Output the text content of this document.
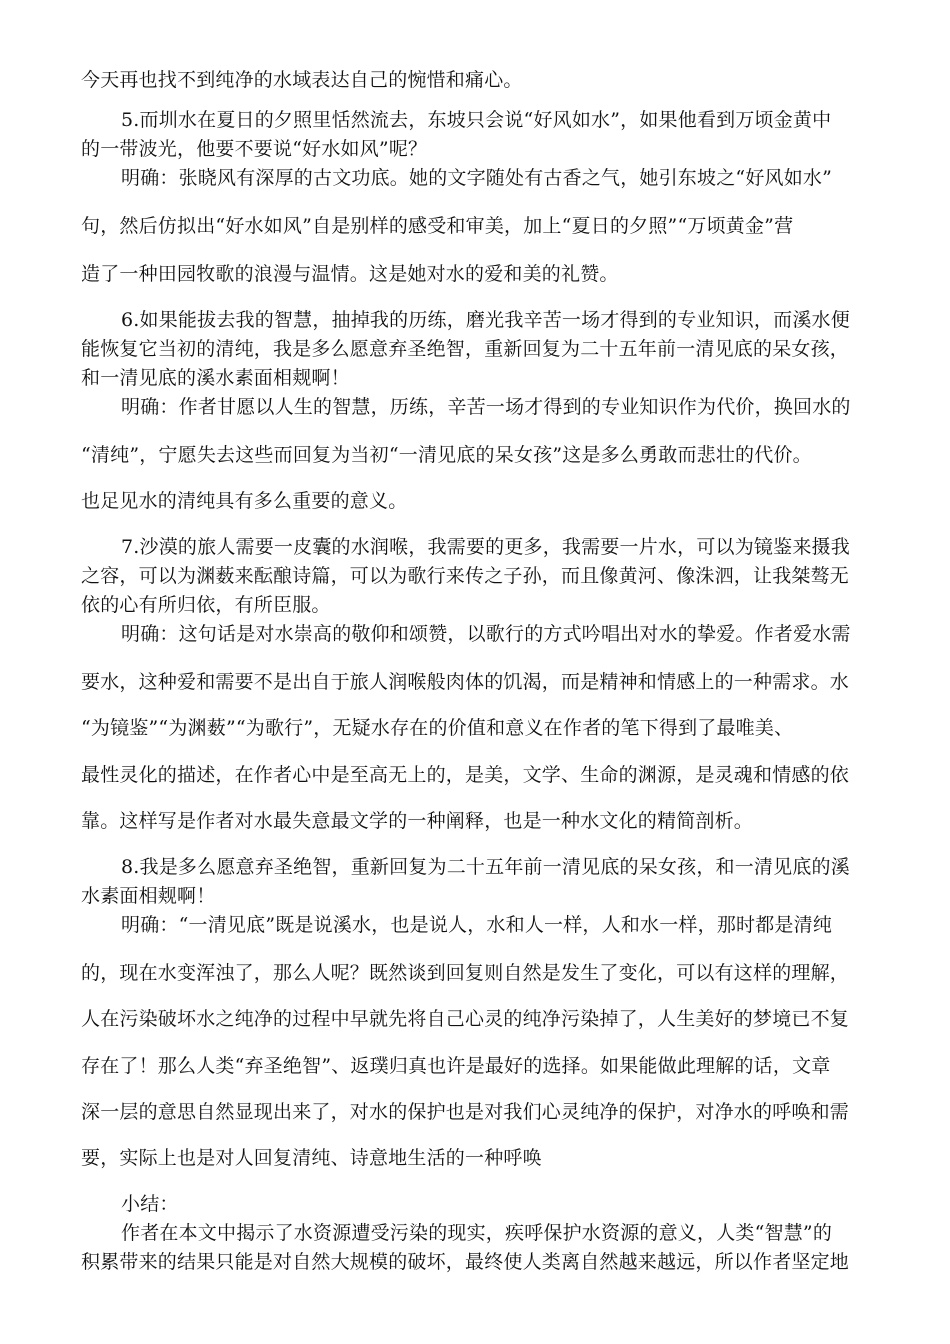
今天再也找不到纯净的水域表达自己的惋惜和痛心。
5.而圳水在夏日的夕照里恬然流去，东坡只会说“好风如水”，如果他看到万顷金黄中
的一带波光，他要不要说“好水如风”呢？
明确：张晓风有深厚的古文功底。她的文字随处有古香之气，她引东坡之“好风如水”
句，然后仿拟出“好水如风”自是别样的感受和审美，加上“夏日的夕照”“万顷黄金”营
造了一种田园牧歌的浪漫与温情。这是她对水的爱和美的礼赞。
6.如果能拔去我的智慧，抽掉我的历练，磨光我辛苦一场才得到的专业知识，而溪水便
能恢复它当初的清纯，我是多么愿意弃圣绝智，重新回复为二十五年前一清见底的呆女孩，
和一清见底的溪水素面相觌啊！
明确：作者甘愿以人生的智慧，历练，辛苦一场才得到的专业知识作为代价，换回水的
“清纯”，宁愿失去这些而回复为当初“一清见底的呆女孩”这是多么勇敢而悲壮的代价。
也足见水的清纯具有多么重要的意义。
7.沙漠的旅人需要一皮囊的水润喉，我需要的更多，我需要一片水，可以为镜鉴来摄我
之容，可以为渊薮来酝酿诗篇，可以为歌行来传之子孙，而且像黄河、像洙泗，让我桀骜无
依的心有所归依，有所臣服。
明确：这句话是对水崇高的敬仰和颂赞，以歌行的方式吟唱出对水的挚爱。作者爱水需
要水，这种爱和需要不是出自于旅人润喉般肉体的饥渴，而是精神和情感上的一种需求。水
“为镜鉴”“为渊薮”“为歌行”，无疑水存在的价值和意义在作者的笔下得到了最唯美、
最性灵化的描述，在作者心中是至高无上的，是美，文学、生命的渊源，是灵魂和情感的依
靠。这样写是作者对水最失意最文学的一种阐释，也是一种水文化的精简剖析。
8.我是多么愿意弃圣绝智，重新回复为二十五年前一清见底的呆女孩，和一清见底的溪
水素面相觌啊！
明确：“一清见底”既是说溪水，也是说人，水和人一样，人和水一样，那时都是清纯
的，现在水变浑浊了，那么人呢？既然谈到回复则自然是发生了变化，可以有这样的理解，
人在污染破坏水之纯净的过程中早就先将自己心灵的纯净污染掉了，人生美好的梦境已不复
存在了！那么人类“弃圣绝智”、返璞归真也许是最好的选择。如果能做此理解的话，文章
深一层的意思自然显现出来了，对水的保护也是对我们心灵纯净的保护，对净水的呼唤和需
要，实际上也是对人回复清纯、诗意地生活的一种呼唤
小结：
作者在本文中揭示了水资源遭受污染的现实，疾呼保护水资源的意义，人类“智慧”的
积累带来的结果只能是对自然大规模的破坏，最终使人类离自然越来越远，所以作者坚定地
